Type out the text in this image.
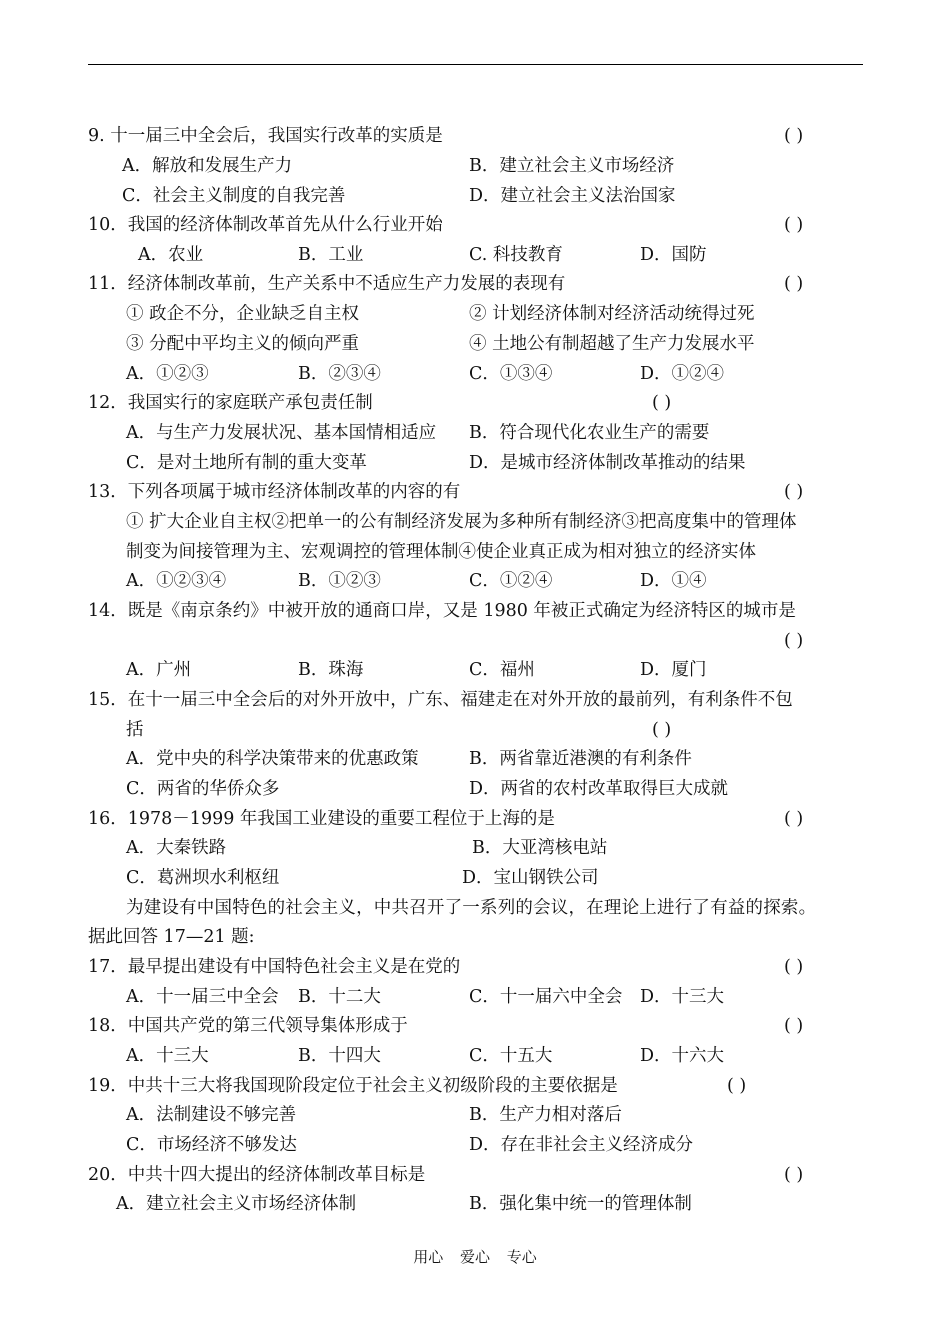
9. 十一届三中全会后，我国实行改革的实质是	( )
A．解放和发展生产力	B．建立社会主义市场经济
C．社会主义制度的自我完善	D．建立社会主义法治国家
10．我国的经济体制改革首先从什么行业开始	( )
A．农业	B．工业	C. 科技教育	D．国防
11．经济体制改革前，生产关系中不适应生产力发展的表现有	( )
① 政企不分，企业缺乏自主权	② 计划经济体制对经济活动统得过死
③ 分配中平均主义的倾向严重	④ 土地公有制超越了生产力发展水平
A．①②③	B．②③④	C．①③④	D．①②④
12．我国实行的家庭联产承包责任制	( )
A．与生产力发展状况、基本国情相适应 B．符合现代化农业生产的需要
C．是对土地所有制的重大变革	D．是城市经济体制改革推动的结果
13．下列各项属于城市经济体制改革的内容的有	( )
① 扩大企业自主权②把单一的公有制经济发展为多种所有制经济③把高度集中的管理体
制变为间接管理为主、宏观调控的管理体制④使企业真正成为相对独立的经济实体
A．①②③④	B．①②③	C．①②④	D．①④
14．既是《南京条约》中被开放的通商口岸，又是 1980 年被正式确定为经济特区的城市是
( )
A．广州	B．珠海	C．福州	D．厦门
15．在十一届三中全会后的对外开放中，广东、福建走在对外开放的最前列，有利条件不包
括	( )
A．党中央的科学决策带来的优惠政策	B．两省靠近港澳的有利条件
C．两省的华侨众多	D．两省的农村改革取得巨大成就
16．1978－1999 年我国工业建设的重要工程位于上海的是	( )
A．大秦铁路	B．大亚湾核电站
C．葛洲坝水利枢纽	D．宝山钢铁公司
为建设有中国特色的社会主义，中共召开了一系列的会议，在理论上进行了有益的探索。
据此回答 17—21 题:
17．最早提出建设有中国特色社会主义是在党的	( )
A．十一届三中全会 B．十二大	C．十一届六中全会 D．十三大
18．中国共产党的第三代领导集体形成于	( )
A．十三大	B．十四大	C．十五大	D．十六大
19．中共十三大将我国现阶段定位于社会主义初级阶段的主要依据是	( )
A．法制建设不够完善	B．生产力相对落后
C．市场经济不够发达	D．存在非社会主义经济成分
20．中共十四大提出的经济体制改革目标是	( )
A．建立社会主义市场经济体制	B．强化集中统一的管理体制
用心 爱心 专心
